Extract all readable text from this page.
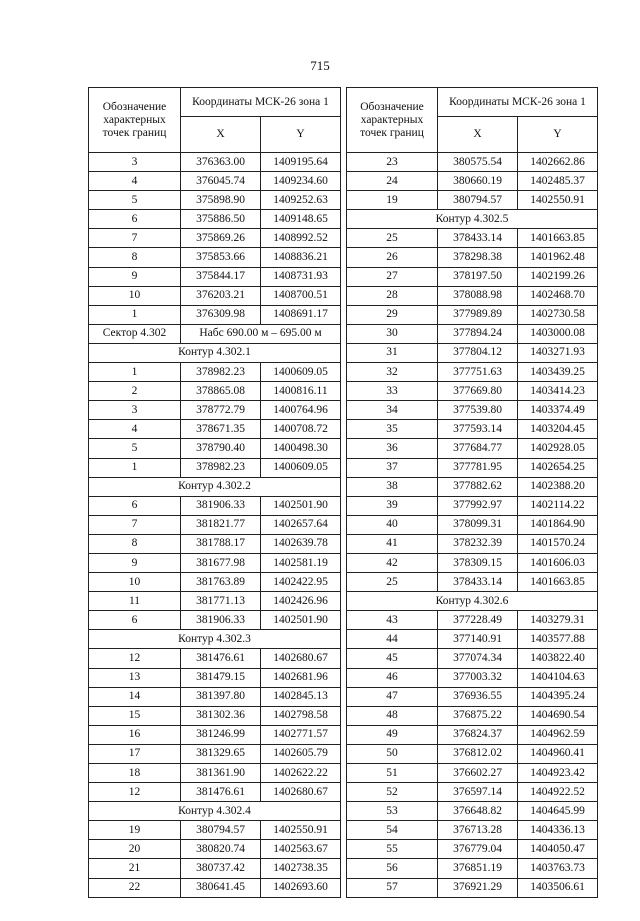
715
Обозначение характерных точек границ	Координаты МСК-26 зона 1	
	X	Y
3	376363.00	1409195.64
4	376045.74	1409234.60
5	375898.90	1409252.63
6	375886.50	1409148.65
7	375869.26	1408992.52
8	375853.66	1408836.21
9	375844.17	1408731.93
10	376203.21	1408700.51
1	376309.98	1408691.17
Сектор 4.302	Набс 690.00 м – 695.00 м	
Контур 4.302.1		
1	378982.23	1400609.05
2	378865.08	1400816.11
3	378772.79	1400764.96
4	378671.35	1400708.72
5	378790.40	1400498.30
1	378982.23	1400609.05
Контур 4.302.2		
6	381906.33	1402501.90
7	381821.77	1402657.64
8	381788.17	1402639.78
9	381677.98	1402581.19
10	381763.89	1402422.95
11	381771.13	1402426.96
6	381906.33	1402501.90
Контур 4.302.3		
12	381476.61	1402680.67
13	381479.15	1402681.96
14	381397.80	1402845.13
15	381302.36	1402798.58
16	381246.99	1402771.57
17	381329.65	1402605.79
18	381361.90	1402622.22
12	381476.61	1402680.67
Контур 4.302.4		
19	380794.57	1402550.91
20	380820.74	1402563.67
21	380737.42	1402738.35
22	380641.45	1402693.60
Обозначение характерных точек границ	Координаты МСК-26 зона 1	
	X	Y
23	380575.54	1402662.86
24	380660.19	1402485.37
19	380794.57	1402550.91
Контур 4.302.5		
25	378433.14	1401663.85
26	378298.38	1401962.48
27	378197.50	1402199.26
28	378088.98	1402468.70
29	377989.89	1402730.58
30	377894.24	1403000.08
31	377804.12	1403271.93
32	377751.63	1403439.25
33	377669.80	1403414.23
34	377539.80	1403374.49
35	377593.14	1403204.45
36	377684.77	1402928.05
37	377781.95	1402654.25
38	377882.62	1402388.20
39	377992.97	1402114.22
40	378099.31	1401864.90
41	378232.39	1401570.24
42	378309.15	1401606.03
25	378433.14	1401663.85
Контур 4.302.6		
43	377228.49	1403279.31
44	377140.91	1403577.88
45	377074.34	1403822.40
46	377003.32	1404104.63
47	376936.55	1404395.24
48	376875.22	1404690.54
49	376824.37	1404962.59
50	376812.02	1404960.41
51	376602.27	1404923.42
52	376597.14	1404922.52
53	376648.82	1404645.99
54	376713.28	1404336.13
55	376779.04	1404050.47
56	376851.19	1403763.73
57	376921.29	1403506.61
